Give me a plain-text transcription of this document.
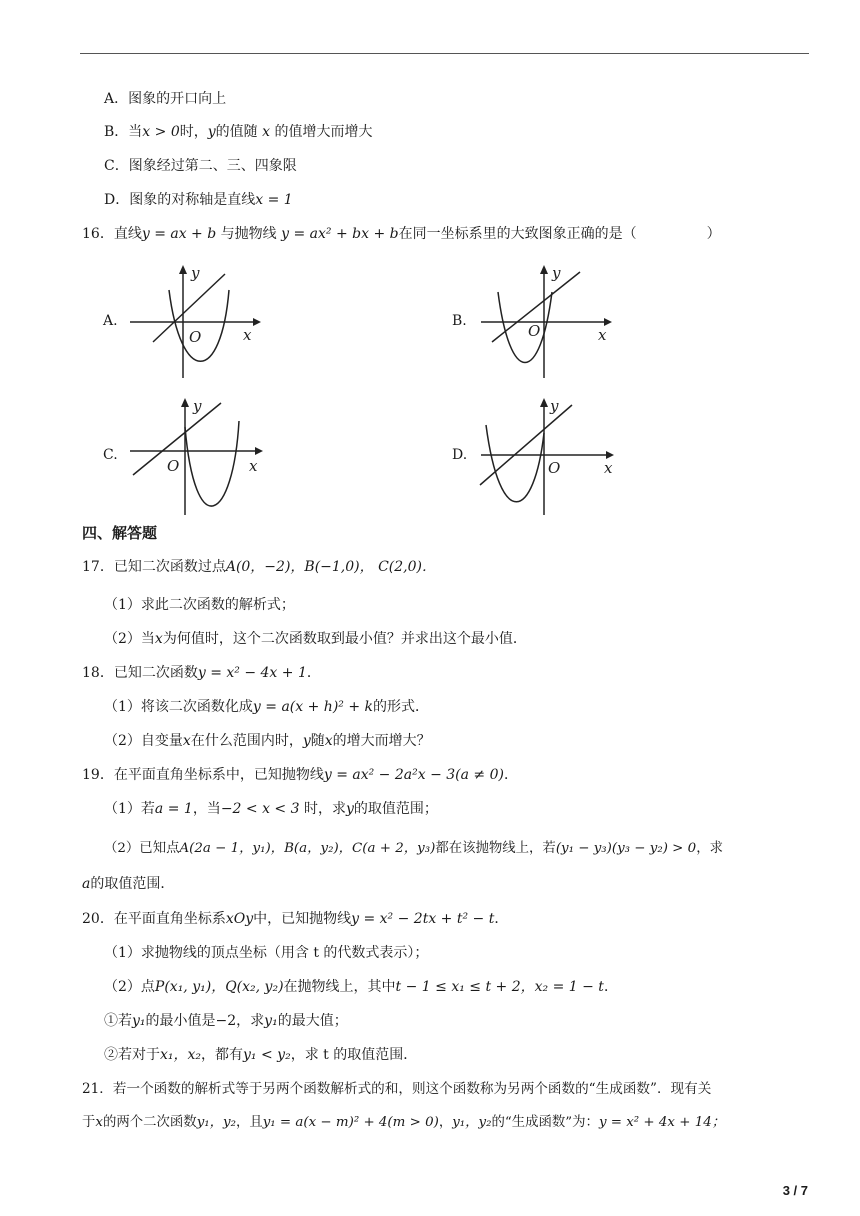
A．图象的开口向上
B．当x > 0时，y的值随 x 的值增大而增大
C．图象经过第二、三、四象限
D．图象的对称轴是直线x = 1
16．直线y = ax + b 与抛物线 y = ax² + bx + b在同一坐标系里的大致图象正确的是（	）
A.
y
x
O
B.
y
x
O
C.
y
x
O
D.
y
x
O
四、解答题
17．已知二次函数过点A(0，−2)，B(−1,0)， C(2,0)．
（1）求此二次函数的解析式；
（2）当x为何值时，这个二次函数取到最小值？并求出这个最小值．
18．已知二次函数y = x² − 4x + 1．
（1）将该二次函数化成y = a(x + h)² + k的形式．
（2）自变量x在什么范围内时，y随x的增大而增大？
19．在平面直角坐标系中，已知抛物线y = ax² − 2a²x − 3(a ≠ 0)．
（1）若a = 1，当−2 < x < 3 时，求y的取值范围；
（2）已知点A(2a − 1，y₁)，B(a，y₂)，C(a + 2，y₃)都在该抛物线上，若(y₁ − y₃)(y₃ − y₂) > 0，求
a的取值范围．
20．在平面直角坐标系xOy中，已知抛物线y = x² − 2tx + t² − t．
（1）求抛物线的顶点坐标（用含 t 的代数式表示）；
（2）点P(x₁, y₁)，Q(x₂, y₂)在抛物线上，其中t − 1 ≤ x₁ ≤ t + 2，x₂ = 1 − t．
①若y₁的最小值是−2，求y₁的最大值；
②若对于x₁，x₂，都有y₁ < y₂，求 t 的取值范围．
21．若一个函数的解析式等于另两个函数解析式的和，则这个函数称为另两个函数的“生成函数”．现有关
于x的两个二次函数y₁，y₂，且y₁ = a(x − m)² + 4(m > 0)，y₁，y₂的“生成函数”为：y = x² + 4x + 14；
3 / 7
